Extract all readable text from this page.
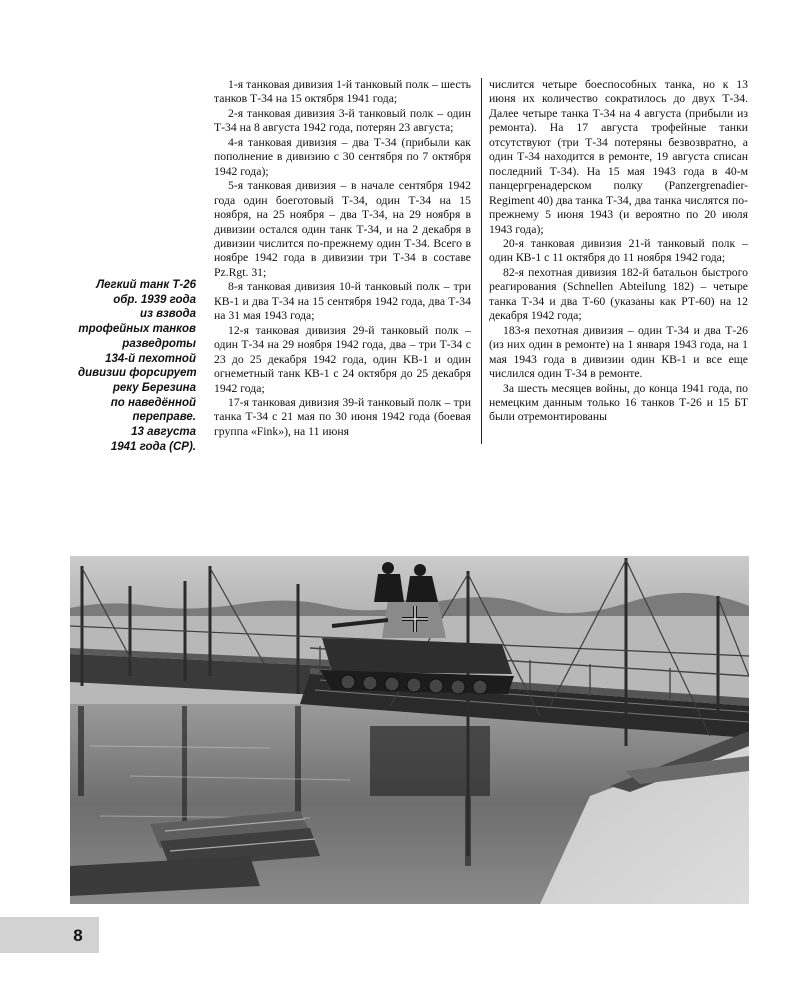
Легкий танк Т-26
обр. 1939 года
из взвода
трофейных танков
разведроты
134-й пехотной
дивизии форсирует
реку Березина
по наведённой
переправе.
13 августа
1941 года (СР).

1-я танковая дивизия 1-й танковый полк – шесть танков Т-34 на 15 октября 1941 года;

2-я танковая дивизия 3-й танковый полк – один Т-34 на 8 августа 1942 года, потерян 23 августа;

4-я танковая дивизия – два Т-34 (прибыли как пополнение в дивизию с 30 сентября по 7 октября 1942 года);

5-я танковая дивизия – в начале сентября 1942 года один боеготовый Т-34, один Т-34 на 15 ноября, на 25 ноября – два Т-34, на 29 ноября в дивизии остался один танк Т-34, и на 2 декабря в дивизии числится по-прежнему один Т-34. Всего в ноябре 1942 года в дивизии три Т-34 в составе Pz.Rgt. 31;

8-я танковая дивизия 10-й танковый полк – три КВ-1 и два Т-34 на 15 сентября 1942 года, два Т-34 на 31 мая 1943 года;

12-я танковая дивизия 29-й танковый полк – один Т-34 на 29 ноября 1942 года, два – три Т-34 с 23 до 25 декабря 1942 года, один КВ-1 и один огнеметный танк КВ-1 с 24 октября до 25 декабря 1942 года;

17-я танковая дивизия 39-й танковый полк – три танка Т-34 с 21 мая по 30 июня 1942 года (боевая группа «Fink»), на 11 июня

числится четыре боеспособных танка, но к 13 июня их количество сократилось до двух Т-34. Далее четыре танка Т-34 на 4 августа (прибыли из ремонта). На 17 августа трофейные танки отсутствуют (три Т-34 потеряны безвозвратно, а один Т-34 находится в ремонте, 19 августа списан последний Т-34). На 15 мая 1943 года в 40-м панцергренадерском полку (Panzergrenadier-Regiment 40) два танка Т-34, два танка числятся по-прежнему 5 июня 1943 (и вероятно по 20 июля 1943 года);

20-я танковая дивизия 21-й танковый полк – один КВ-1 с 11 октября до 11 ноября 1942 года;

82-я пехотная дивизия 182-й батальон быстрого реагирования (Schnellen Abteilung 182) – четыре танка Т-34 и два Т-60 (указаны как РТ-60) на 12 декабря 1942 года;

183-я пехотная дивизия – один Т-34 и два Т-26 (из них один в ремонте) на 1 января 1943 года, на 1 мая 1943 года в дивизии один КВ-1 и все еще числился один Т-34 в ремонте.

За шесть месяцев войны, до конца 1941 года, по немецким данным только 16 танков Т-26 и 15 БТ были отремонтированы

8
